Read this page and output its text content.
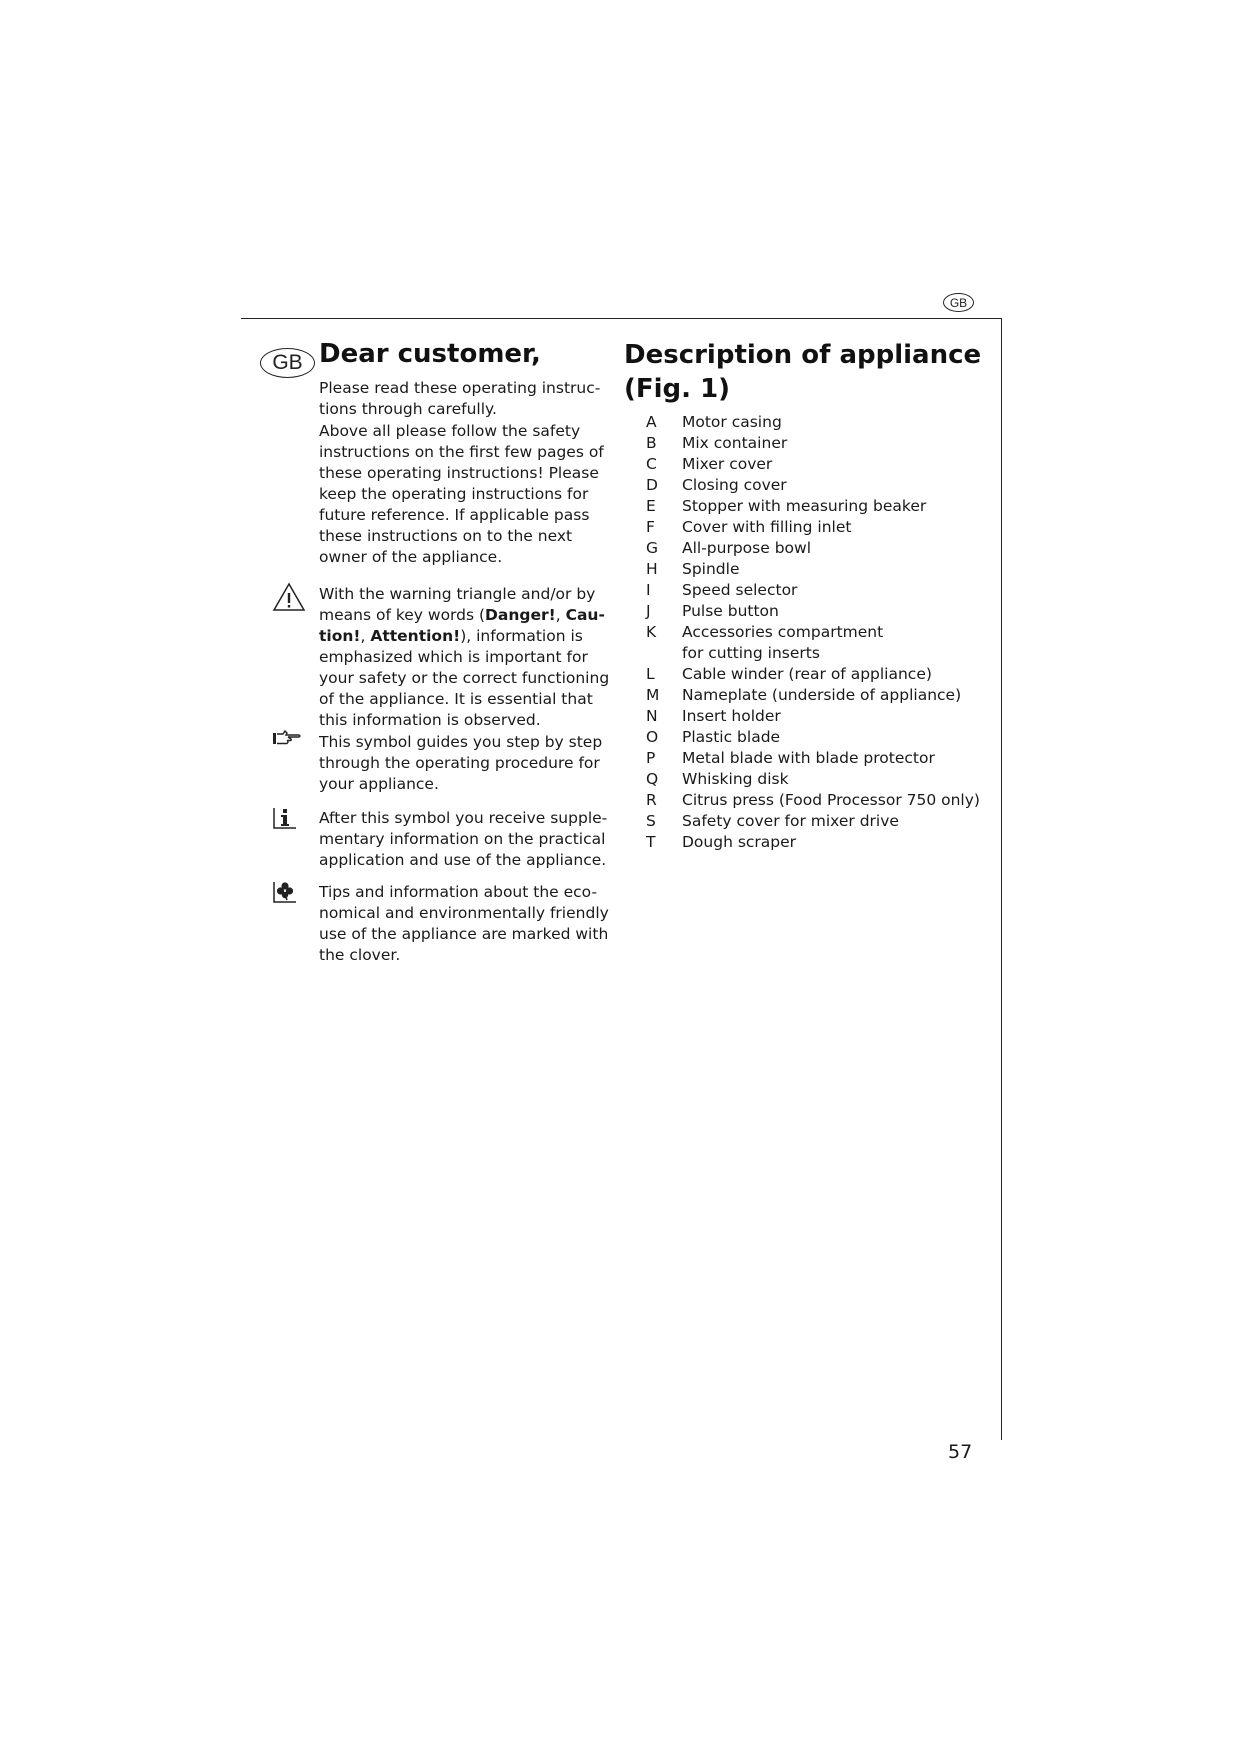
GB
GB Dear customer,
Please read these operating instruc-tions through carefully.
Above all please follow the safety instructions on the first few pages of these operating instructions! Please keep the operating instructions for future reference. If applicable pass these instructions on to the next owner of the appliance.
With the warning triangle and/or by means of key words (Danger!, Cau-tion!, Attention!), information is emphasized which is important for your safety or the correct functioning of the appliance. It is essential that this information is observed.
This symbol guides you step by step through the operating procedure for your appliance.
After this symbol you receive supple-mentary information on the practical application and use of the appliance.
Tips and information about the eco-nomical and environmentally friendly use of the appliance are marked with the clover.
Description of appliance (Fig. 1)
A	Motor casing
B	Mix container
C	Mixer cover
D	Closing cover
E	Stopper with measuring beaker
F	Cover with filling inlet
G	All-purpose bowl
H	Spindle
I	Speed selector
J	Pulse button
K	Accessories compartment for cutting inserts
L	Cable winder (rear of appliance)
M	Nameplate (underside of appliance)
N	Insert holder
O	Plastic blade
P	Metal blade with blade protector
Q	Whisking disk
R	Citrus press (Food Processor 750 only)
S	Safety cover for mixer drive
T	Dough scraper
57
